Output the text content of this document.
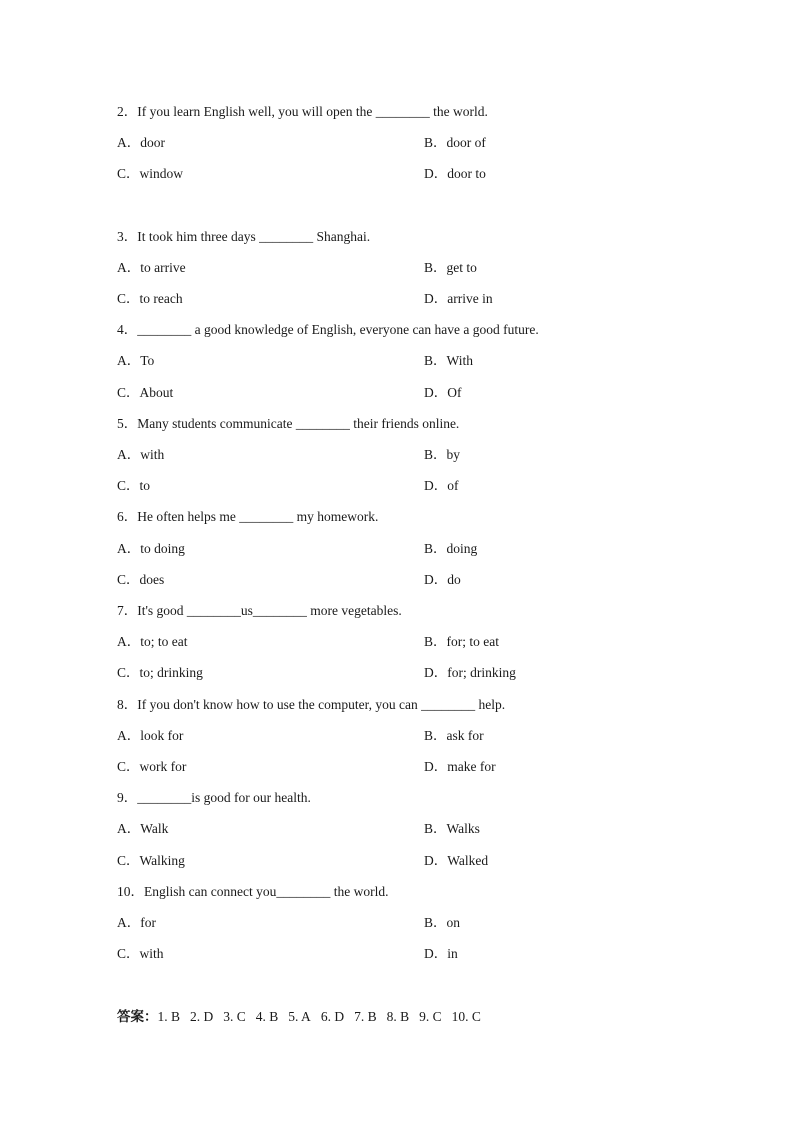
2．If you learn English well, you will open the ________ the world.
A．door	B．door of
C．window	D．door to
3．It took him three days ________ Shanghai.
A．to arrive	B．get to
C．to reach	D．arrive in
4．________ a good knowledge of English, everyone can have a good future.
A．To	B．With
C．About	D．Of
5．Many students communicate ________ their friends online.
A．with	B．by
C．to	D．of
6．He often helps me ________ my homework.
A．to doing	B．doing
C．does	D．do
7．It's good ________us________ more vegetables.
A．to; to eat	B．for; to eat
C．to; drinking	D．for; drinking
8．If you don't know how to use the computer, you can ________ help.
A．look for	B．ask for
C．work for	D．make for
9．________is good for our health.
A．Walk	B．Walks
C．Walking	D．Walked
10．English can connect you________ the world.
A．for	B．on
C．with	D．in
答案：1. B 2. D 3. C 4. B 5. A 6. D 7. B 8. B 9. C 10. C
